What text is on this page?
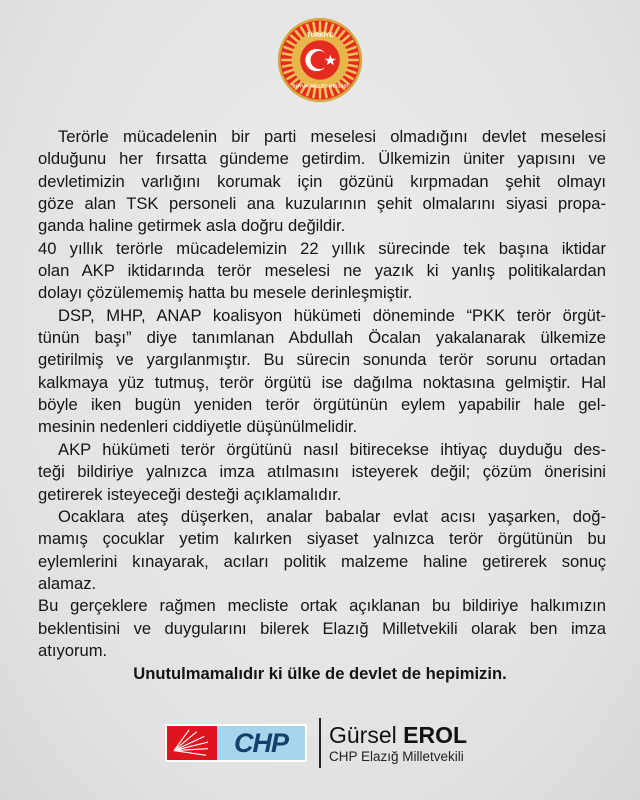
TÜRKİYE
BÜYÜK MİLLET MECLİSİ
Terörle mücadelenin bir parti meselesi olmadığını devlet meselesi
olduğunu her fırsatta gündeme getirdim. Ülkemizin üniter yapısını ve
devletimizin varlığını korumak için gözünü kırpmadan şehit olmayı
göze alan TSK personeli ana kuzularının şehit olmalarını siyasi propa-
ganda haline getirmek asla doğru değildir.
40 yıllık terörle mücadelemizin 22 yıllık sürecinde tek başına iktidar
olan AKP iktidarında terör meselesi ne yazık ki yanlış politikalardan
dolayı çözülememiş hatta bu mesele derinleşmiştir.
DSP, MHP, ANAP koalisyon hükümeti döneminde “PKK terör örgüt-
tünün başı” diye tanımlanan Abdullah Öcalan yakalanarak ülkemize
getirilmiş ve yargılanmıştır. Bu sürecin sonunda terör sorunu ortadan
kalkmaya yüz tutmuş, terör örgütü ise dağılma noktasına gelmiştir. Hal
böyle iken bugün yeniden terör örgütünün eylem yapabilir hale gel-
mesinin nedenleri ciddiyetle düşünülmelidir.
AKP hükümeti terör örgütünü nasıl bitirecekse ihtiyaç duyduğu des-
teği bildiriye yalnızca imza atılmasını isteyerek değil; çözüm önerisini
getirerek isteyeceği desteği açıklamalıdır.
Ocaklara ateş düşerken, analar babalar evlat acısı yaşarken, doğ-
mamış çocuklar yetim kalırken siyaset yalnızca terör örgütünün bu
eylemlerini kınayarak, acıları politik malzeme haline getirerek sonuç
alamaz.
Bu gerçeklere rağmen mecliste ortak açıklanan bu bildiriye halkımızın
beklentisini ve duygularını bilerek Elazığ Milletvekili olarak ben imza
atıyorum.
Unutulmamalıdır ki ülke de devlet de hepimizin.
CHP	Gürsel EROL
CHP Elazığ Milletvekili
